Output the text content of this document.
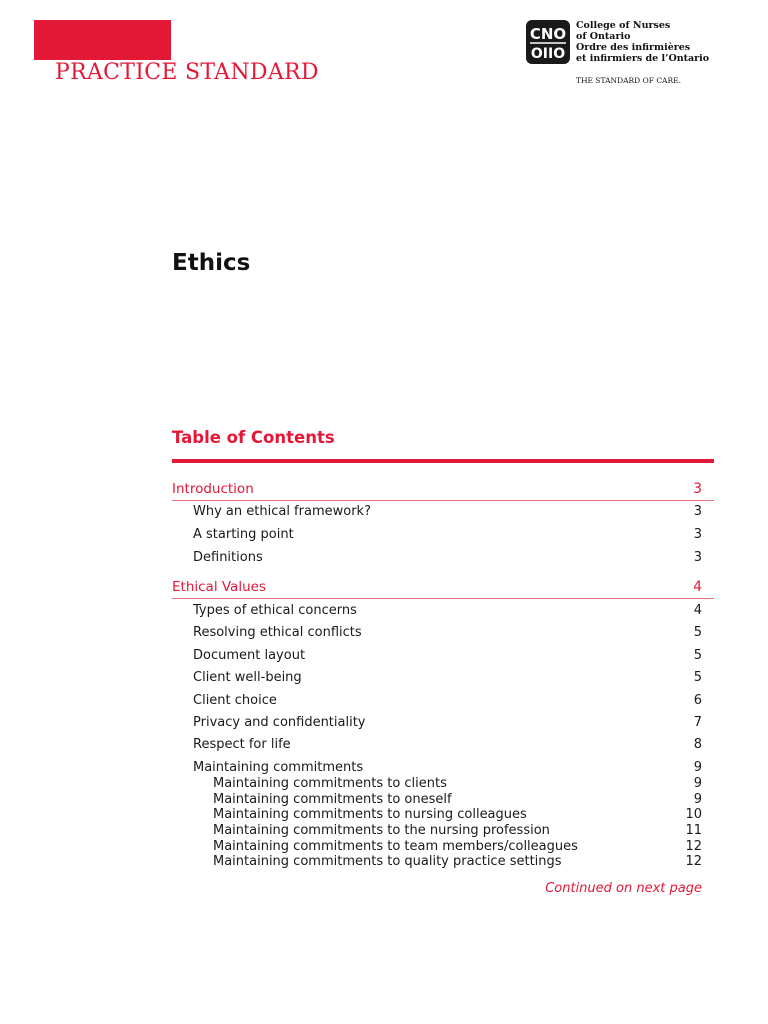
PRACTICE STANDARD
CNO
OIIO
College of Nurses
of Ontario
Ordre des infirmières
et infirmiers de l’Ontario
THE STANDARD OF CARE.
Ethics
Table of Contents
Introduction	3
Why an ethical framework?	3
A starting point	3
Definitions	3
Ethical Values	4
Types of ethical concerns	4
Resolving ethical conflicts	5
Document layout	5
Client well-being	5
Client choice	6
Privacy and confidentiality	7
Respect for life	8
Maintaining commitments	9
Maintaining commitments to clients	9
Maintaining commitments to oneself	9
Maintaining commitments to nursing colleagues	10
Maintaining commitments to the nursing profession	11
Maintaining commitments to team members/colleagues	12
Maintaining commitments to quality practice settings	12
Continued on next page
